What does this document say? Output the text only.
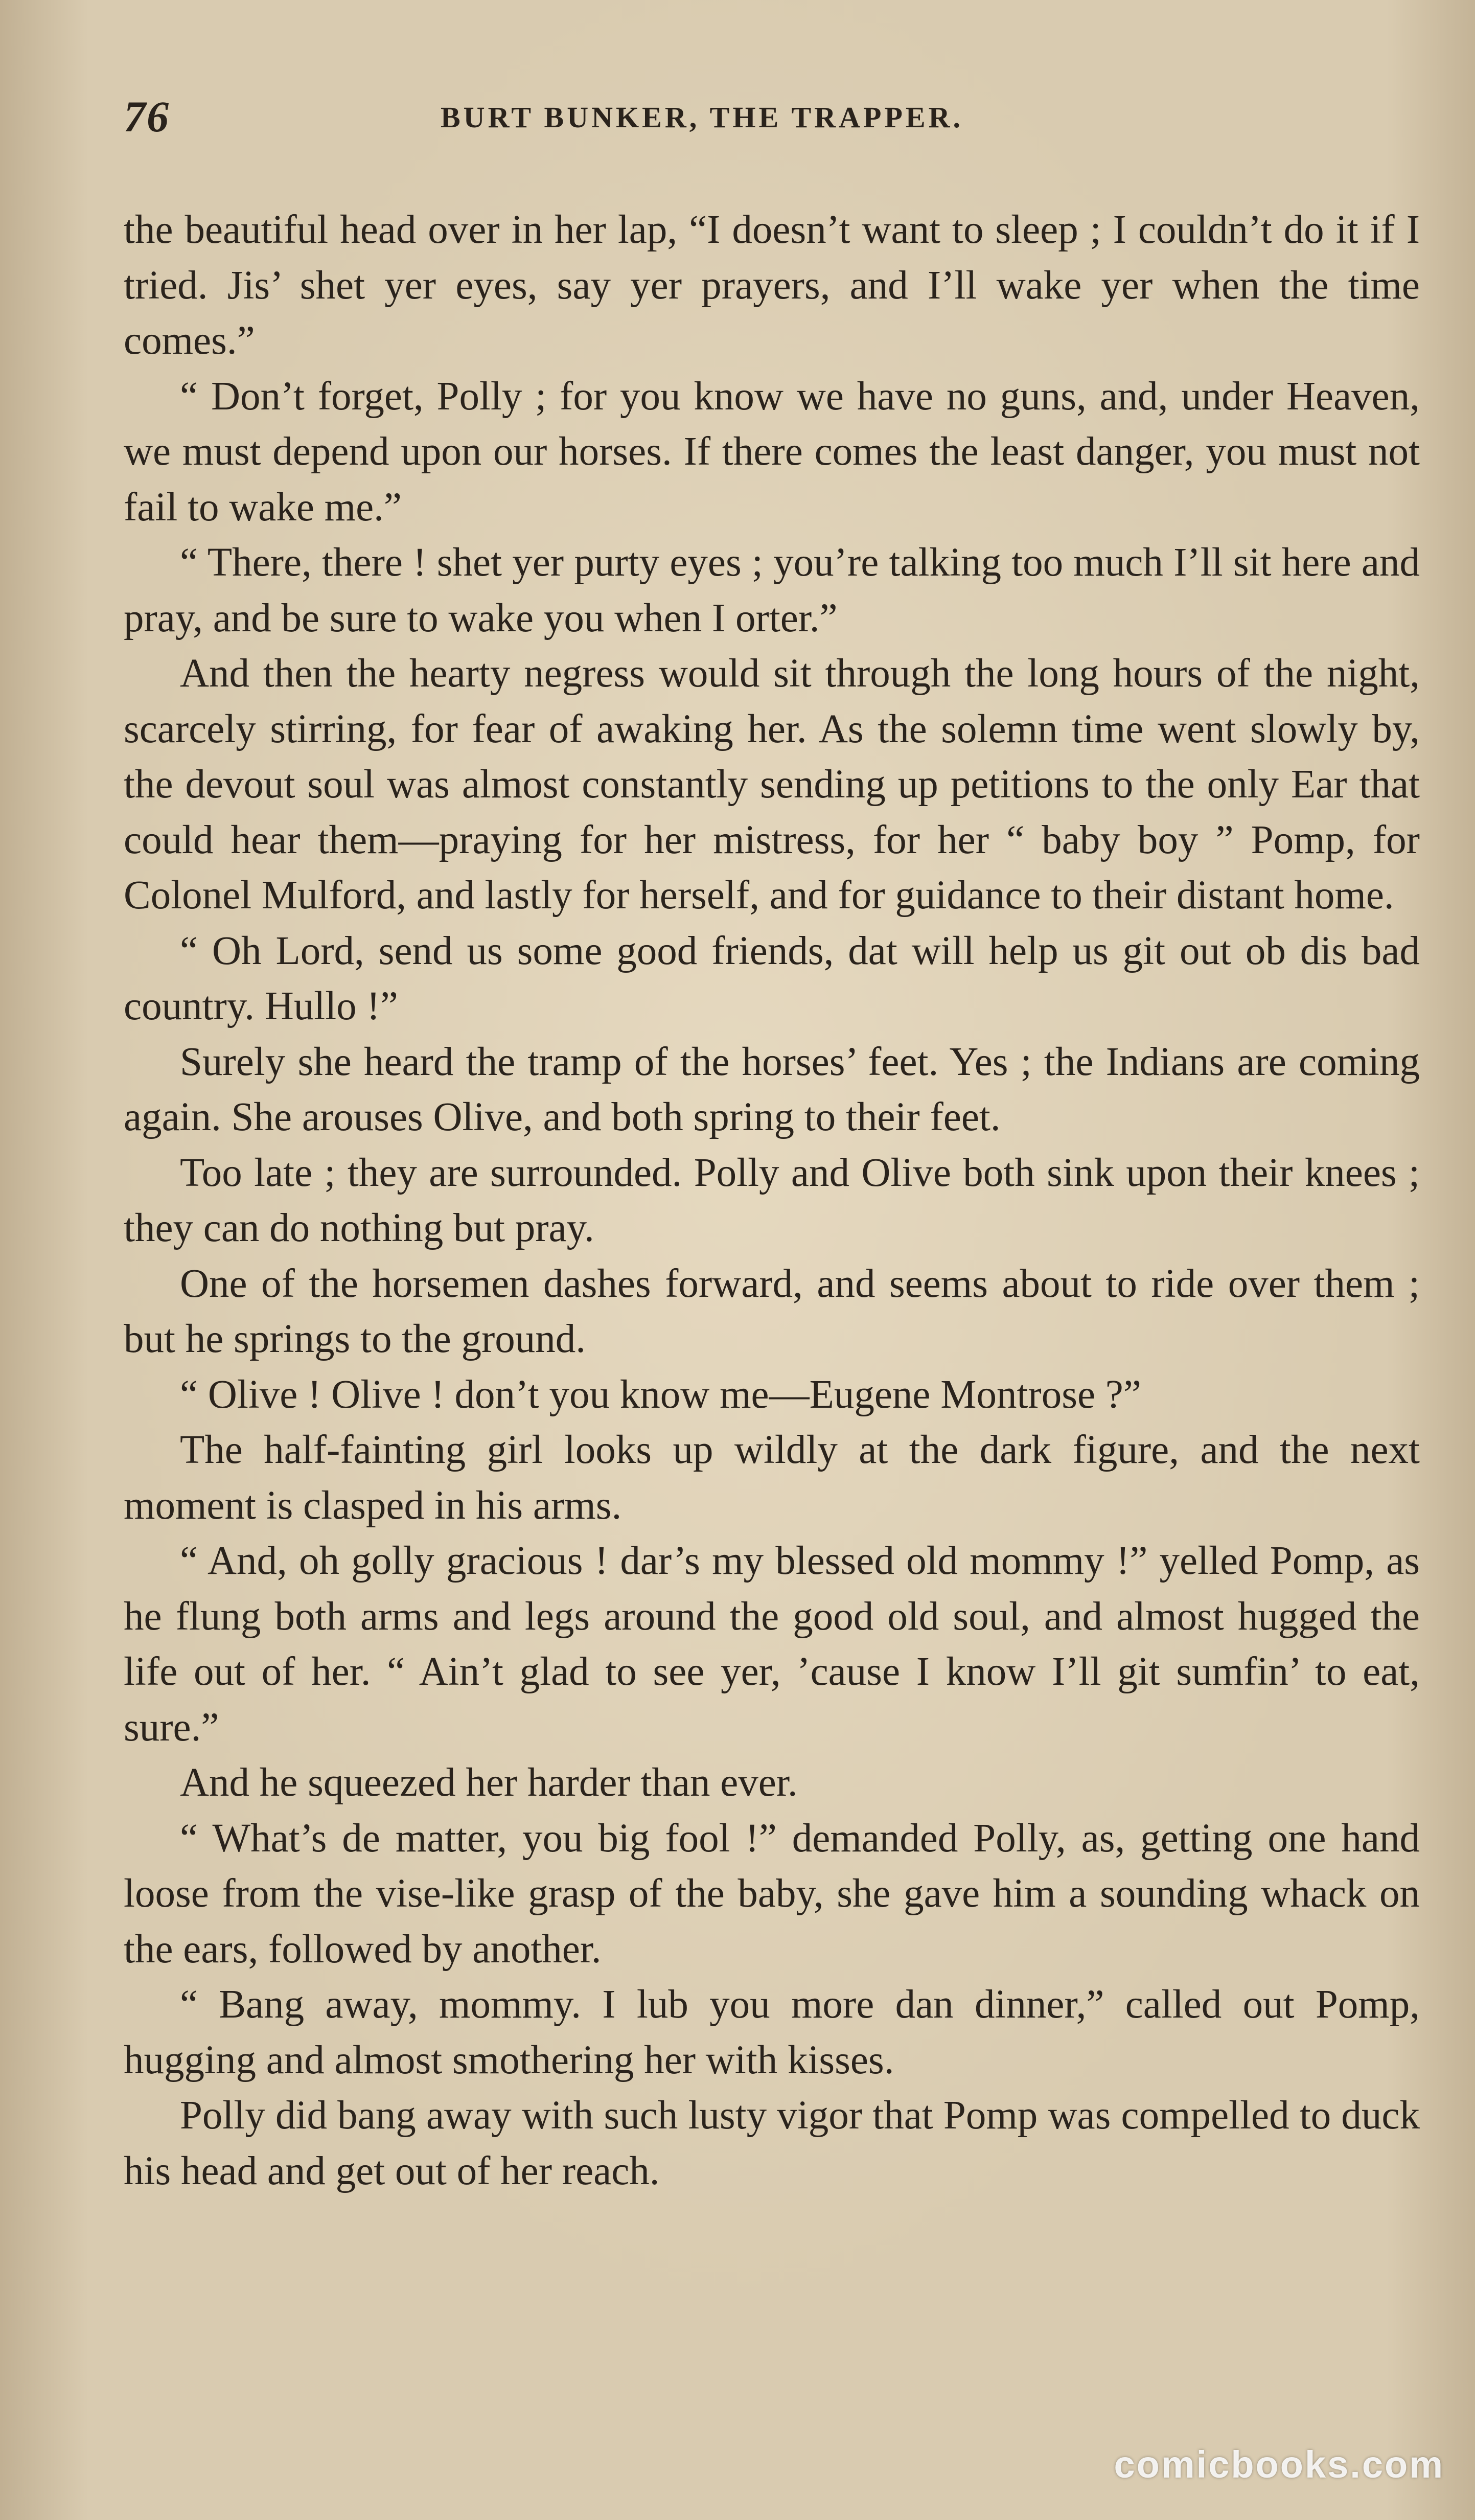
76	BURT BUNKER, THE TRAPPER.

the beautiful head over in her lap, “I doesn’t want to sleep ; I couldn’t do it if I tried. Jis’ shet yer eyes, say yer prayers, and I’ll wake yer when the time comes.”

“ Don’t forget, Polly ; for you know we have no guns, and, under Heaven, we must depend upon our horses. If there comes the least danger, you must not fail to wake me.”

“ There, there ! shet yer purty eyes ; you’re talking too much I’ll sit here and pray, and be sure to wake you when I orter.”

And then the hearty negress would sit through the long hours of the night, scarcely stirring, for fear of awaking her. As the solemn time went slowly by, the devout soul was almost constantly sending up petitions to the only Ear that could hear them—praying for her mistress, for her “ baby boy ” Pomp, for Colonel Mulford, and lastly for herself, and for guidance to their distant home.

“ Oh Lord, send us some good friends, dat will help us git out ob dis bad country. Hullo !”

Surely she heard the tramp of the horses’ feet. Yes ; the Indians are coming again. She arouses Olive, and both spring to their feet.

Too late ; they are surrounded. Polly and Olive both sink upon their knees ; they can do nothing but pray.

One of the horsemen dashes forward, and seems about to ride over them ; but he springs to the ground.

“ Olive ! Olive ! don’t you know me—Eugene Montrose ?”

The half-fainting girl looks up wildly at the dark figure, and the next moment is clasped in his arms.

“ And, oh golly gracious ! dar’s my blessed old mommy !” yelled Pomp, as he flung both arms and legs around the good old soul, and almost hugged the life out of her. “ Ain’t glad to see yer, ’cause I know I’ll git sumfin’ to eat, sure.”

And he squeezed her harder than ever.

“ What’s de matter, you big fool !” demanded Polly, as, getting one hand loose from the vise-like grasp of the baby, she gave him a sounding whack on the ears, followed by another.

“ Bang away, mommy. I lub you more dan dinner,” called out Pomp, hugging and almost smothering her with kisses.

Polly did bang away with such lusty vigor that Pomp was compelled to duck his head and get out of her reach.

comicbooks.com
